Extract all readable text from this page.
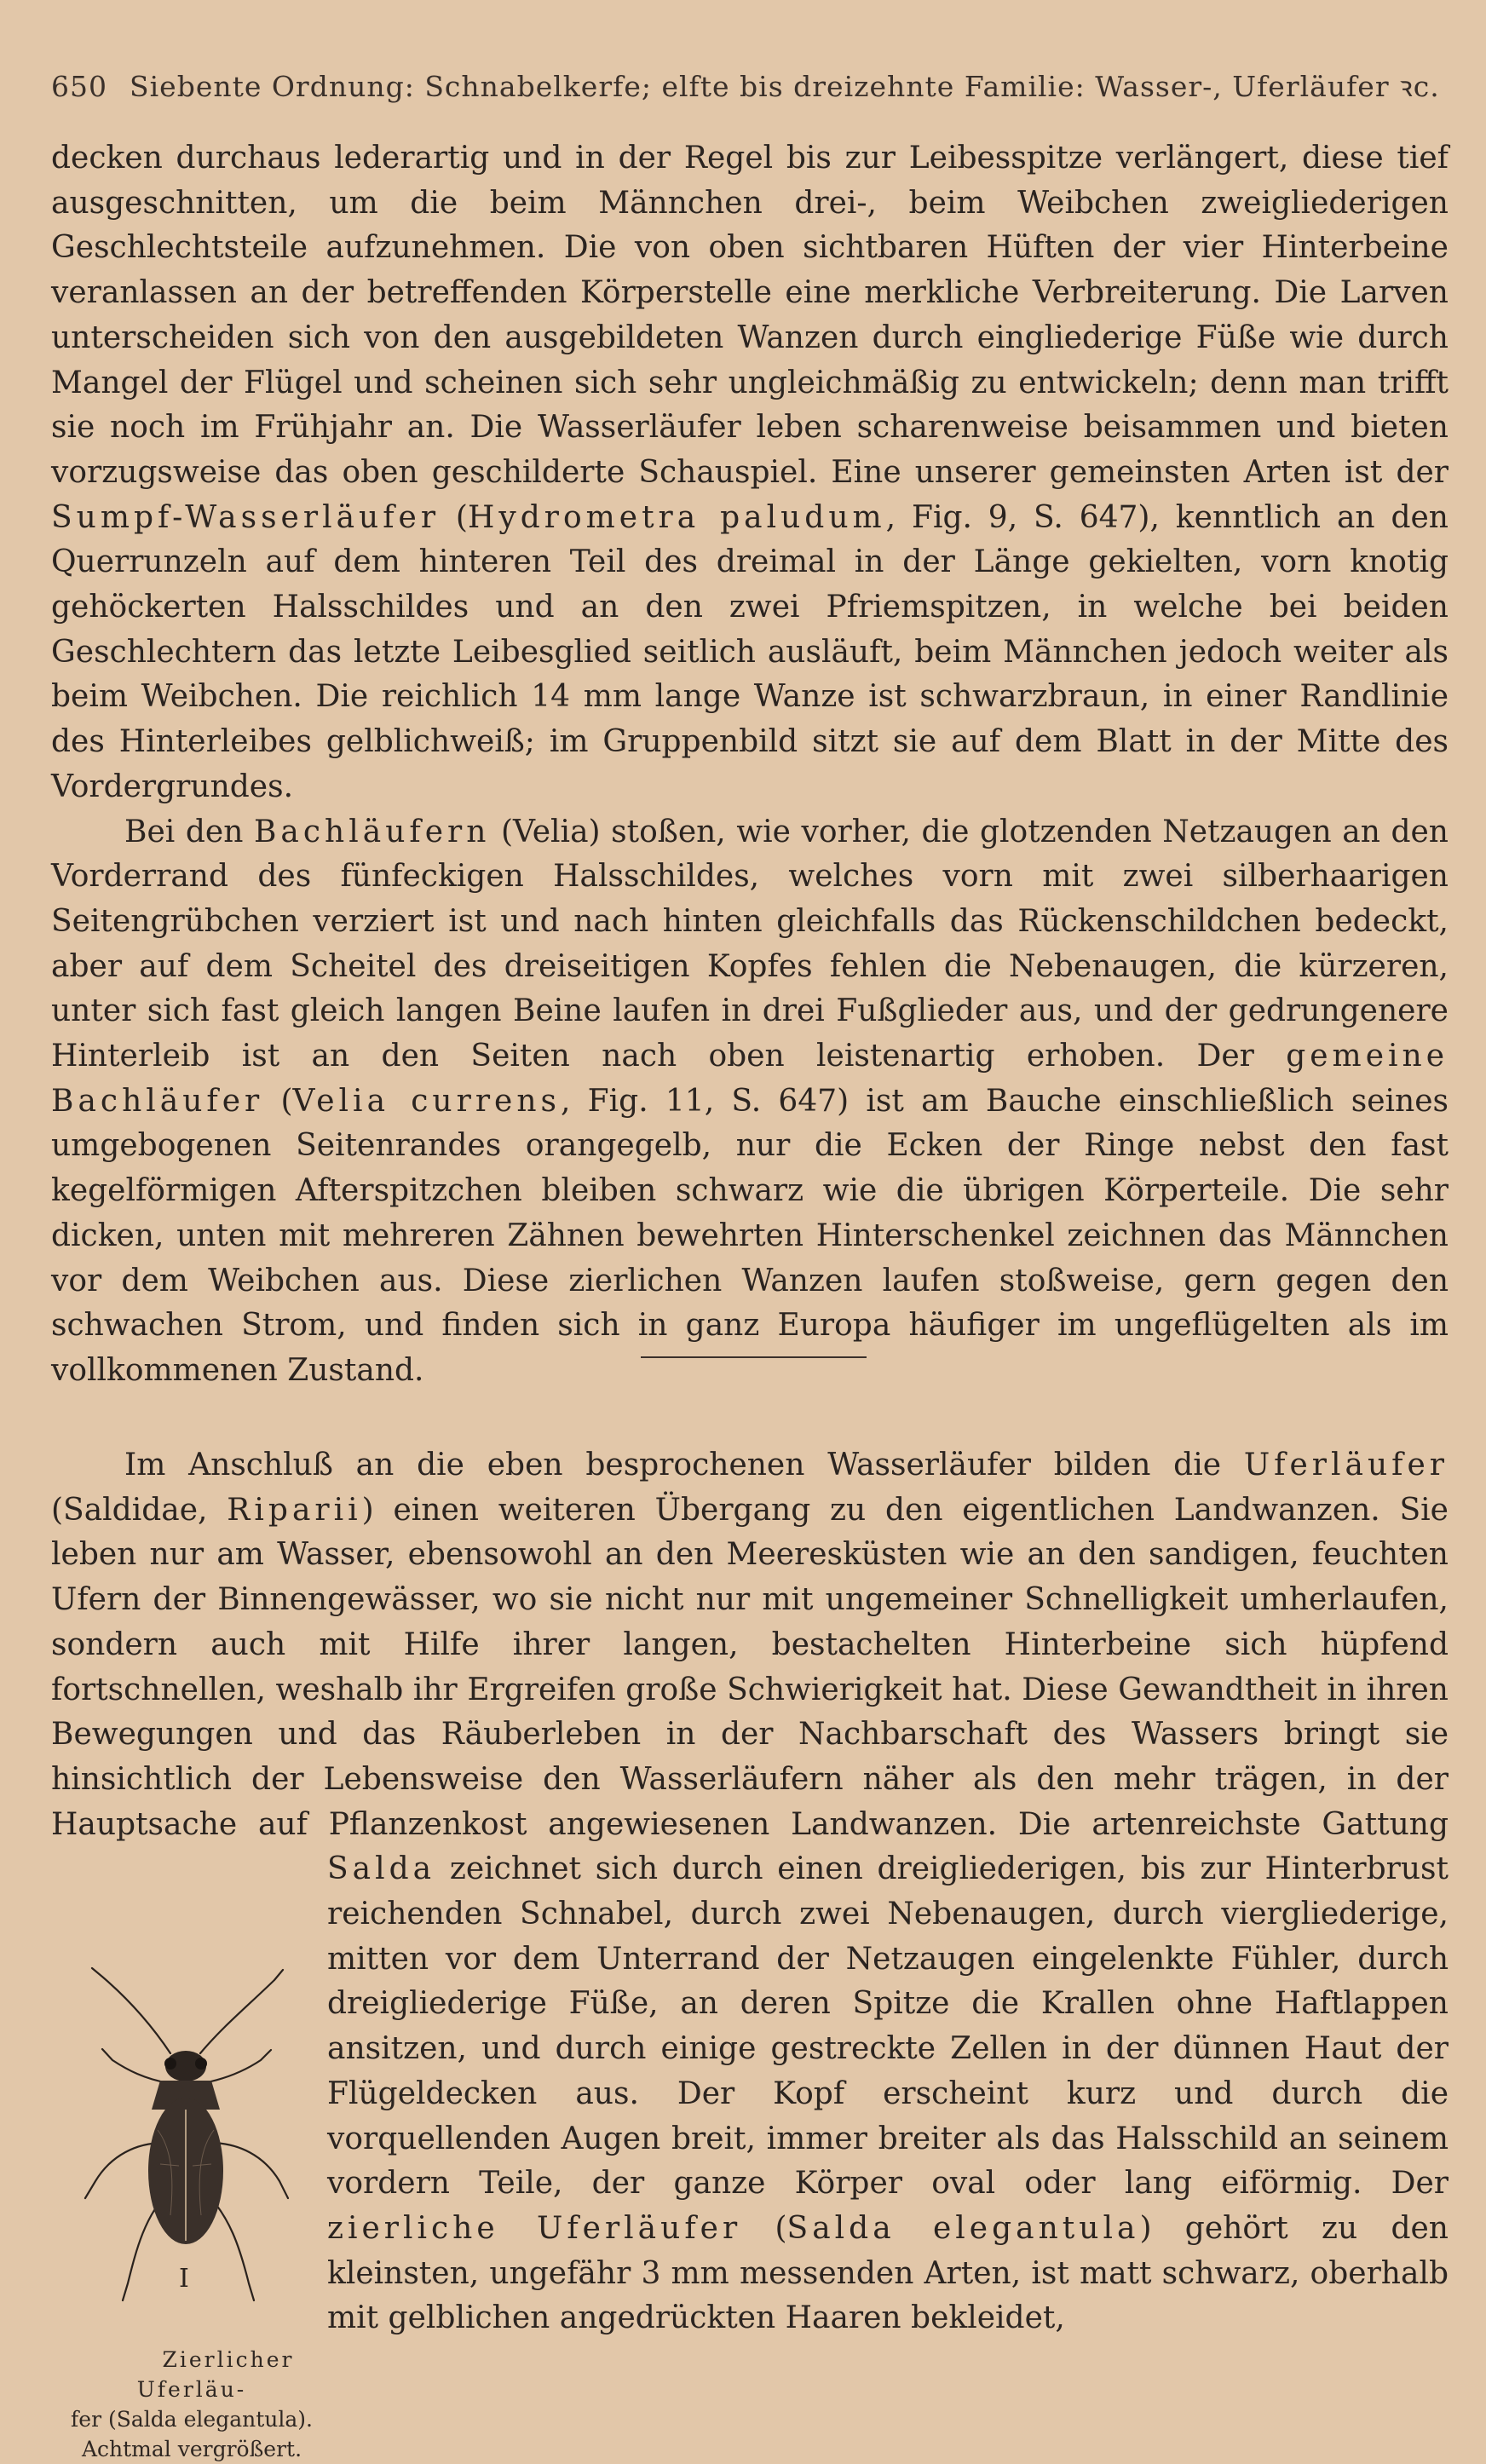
650 Siebente Ordnung: Schnabelkerfe; elfte bis dreizehnte Familie: Wasser-, Uferläufer ꝛc.

decken durchaus lederartig und in der Regel bis zur Leibesspitze verlängert, diese tief ausgeschnitten, um die beim Männchen drei-, beim Weibchen zweigliederigen Geschlechtsteile aufzunehmen. Die von oben sichtbaren Hüften der vier Hinterbeine veranlassen an der betreffenden Körperstelle eine merkliche Verbreiterung. Die Larven unterscheiden sich von den ausgebildeten Wanzen durch eingliederige Füße wie durch Mangel der Flügel und scheinen sich sehr ungleichmäßig zu entwickeln; denn man trifft sie noch im Frühjahr an. Die Wasserläufer leben scharenweise beisammen und bieten vorzugsweise das oben geschilderte Schauspiel. Eine unserer gemeinsten Arten ist der Sumpf-Wasserläufer (Hydrometra paludum, Fig. 9, S. 647), kenntlich an den Querrunzeln auf dem hinteren Teil des dreimal in der Länge gekielten, vorn knotig gehöckerten Halsschildes und an den zwei Pfriemspitzen, in welche bei beiden Geschlechtern das letzte Leibesglied seitlich ausläuft, beim Männchen jedoch weiter als beim Weibchen. Die reichlich 14 mm lange Wanze ist schwarzbraun, in einer Randlinie des Hinterleibes gelblichweiß; im Gruppenbild sitzt sie auf dem Blatt in der Mitte des Vordergrundes.

Bei den Bachläufern (Velia) stoßen, wie vorher, die glotzenden Netzaugen an den Vorderrand des fünfeckigen Halsschildes, welches vorn mit zwei silberhaarigen Seitengrübchen verziert ist und nach hinten gleichfalls das Rückenschildchen bedeckt, aber auf dem Scheitel des dreiseitigen Kopfes fehlen die Nebenaugen, die kürzeren, unter sich fast gleich langen Beine laufen in drei Fußglieder aus, und der gedrungenere Hinterleib ist an den Seiten nach oben leistenartig erhoben. Der gemeine Bachläufer (Velia currens, Fig. 11, S. 647) ist am Bauche einschließlich seines umgebogenen Seitenrandes orangegelb, nur die Ecken der Ringe nebst den fast kegelförmigen Afterspitzchen bleiben schwarz wie die übrigen Körperteile. Die sehr dicken, unten mit mehreren Zähnen bewehrten Hinterschenkel zeichnen das Männchen vor dem Weibchen aus. Diese zierlichen Wanzen laufen stoßweise, gern gegen den schwachen Strom, und finden sich in ganz Europa häufiger im ungeflügelten als im vollkommenen Zustand.

Im Anschluß an die eben besprochenen Wasserläufer bilden die Uferläufer (Saldidae, Riparii) einen weiteren Übergang zu den eigentlichen Landwanzen. Sie leben nur am Wasser, ebensowohl an den Meeresküsten wie an den sandigen, feuchten Ufern der Binnengewässer, wo sie nicht nur mit ungemeiner Schnelligkeit umherlaufen, sondern auch mit Hilfe ihrer langen, bestachelten Hinterbeine sich hüpfend fortschnellen, weshalb ihr Ergreifen große Schwierigkeit hat. Diese Gewandtheit in ihren Bewegungen und das Räuberleben in der Nachbarschaft des Wassers bringt sie hinsichtlich der Lebensweise den Wasserläufern näher als den mehr trägen, in der Hauptsache auf Pflanzenkost angewiesenen Landwanzen. Die artenreichste Gattung
I
Zierlicher Uferläu-
fer (Salda elegantula).
Achtmal vergrößert.
Salda zeichnet sich durch einen dreigliederigen, bis zur Hinterbrust reichenden Schnabel, durch zwei Nebenaugen, durch viergliederige, mitten vor dem Unterrand der Netzaugen eingelenkte Fühler, durch dreigliederige Füße, an deren Spitze die Krallen ohne Haftlappen ansitzen, und durch einige gestreckte Zellen in der dünnen Haut der Flügeldecken aus. Der Kopf erscheint kurz und durch die vorquellenden Augen breit, immer breiter als das Halsschild an seinem vordern Teile, der ganze Körper oval oder lang eiförmig. Der zierliche Uferläufer (Salda elegantula) gehört zu den kleinsten, ungefähr 3 mm messenden Arten, ist matt schwarz, oberhalb mit gelblichen angedrückten Haaren bekleidet,
